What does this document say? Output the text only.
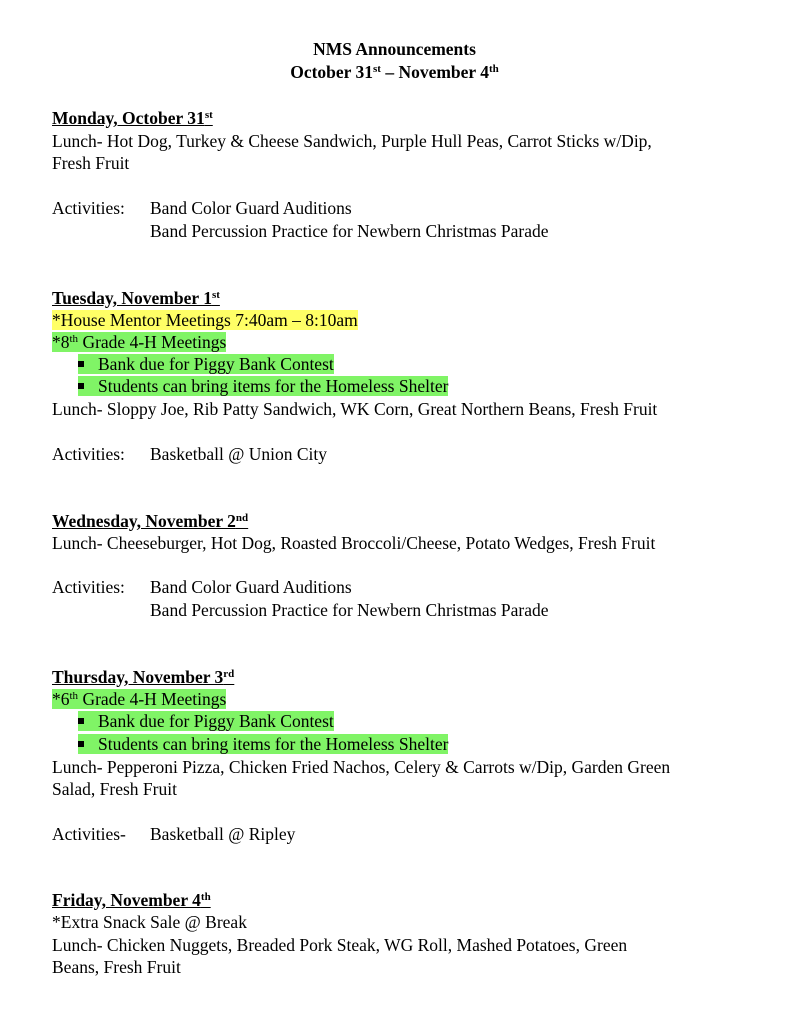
NMS Announcements
October 31st – November 4th
Monday, October 31st
Lunch- Hot Dog, Turkey & Cheese Sandwich, Purple Hull Peas, Carrot Sticks w/Dip,
Fresh Fruit
Activities: Band Color Guard Auditions
Band Percussion Practice for Newbern Christmas Parade
Tuesday, November 1st
*House Mentor Meetings 7:40am – 8:10am
*8th Grade 4-H Meetings
Bank due for Piggy Bank Contest
Students can bring items for the Homeless Shelter
Lunch- Sloppy Joe, Rib Patty Sandwich, WK Corn, Great Northern Beans, Fresh Fruit
Activities: Basketball @ Union City
Wednesday, November 2nd
Lunch- Cheeseburger, Hot Dog, Roasted Broccoli/Cheese, Potato Wedges, Fresh Fruit
Activities: Band Color Guard Auditions
Band Percussion Practice for Newbern Christmas Parade
Thursday, November 3rd
*6th Grade 4-H Meetings
Bank due for Piggy Bank Contest
Students can bring items for the Homeless Shelter
Lunch- Pepperoni Pizza, Chicken Fried Nachos, Celery & Carrots w/Dip, Garden Green
Salad, Fresh Fruit
Activities- Basketball @ Ripley
Friday, November 4th
*Extra Snack Sale @ Break
Lunch- Chicken Nuggets, Breaded Pork Steak, WG Roll, Mashed Potatoes, Green
Beans, Fresh Fruit
